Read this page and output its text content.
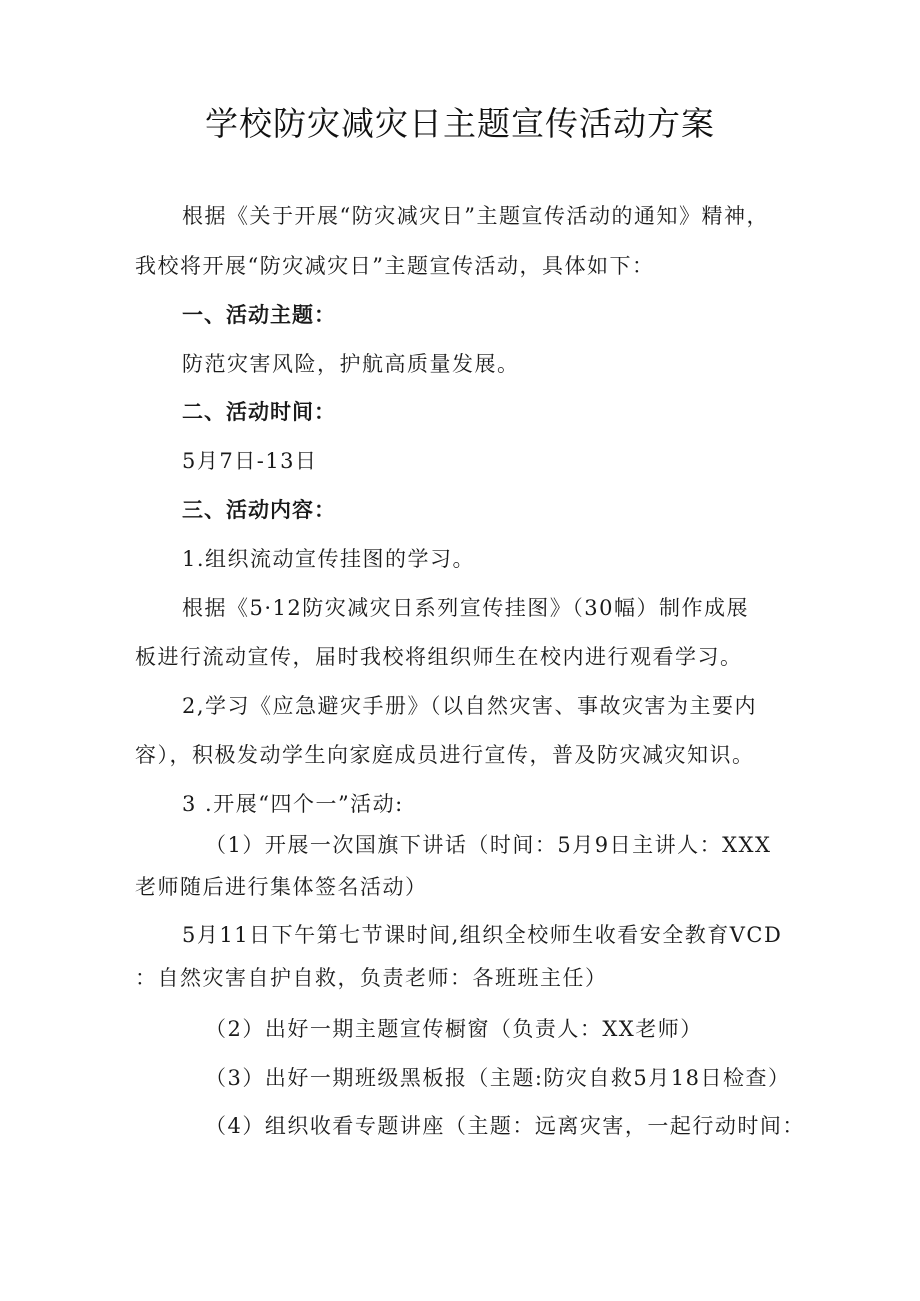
学校防灾减灾日主题宣传活动方案
根据《关于开展“防灾减灾日”主题宣传活动的通知》精神，
我校将开展“防灾减灾日”主题宣传活动，具体如下：
一、活动主题：
防范灾害风险，护航高质量发展。
二、活动时间：
5月7日-13日
三、活动内容：
1.组织流动宣传挂图的学习。
根据《5·12防灾减灾日系列宣传挂图》（30幅）制作成展
板进行流动宣传，届时我校将组织师生在校内进行观看学习。
2,学习《应急避灾手册》（以自然灾害、事故灾害为主要内
容），积极发动学生向家庭成员进行宣传，普及防灾减灾知识。
3 .开展“四个一”活动:
（1）开展一次国旗下讲话（时间：5月9日主讲人：XXX
老师随后进行集体签名活动）
5月11日下午第七节课时间,组织全校师生收看安全教育VCD
：自然灾害自护自救，负责老师：各班班主任）
（2）出好一期主题宣传橱窗（负责人：XX老师）
（3）出好一期班级黑板报（主题:防灾自救5月18日检查）
（4）组织收看专题讲座（主题：远离灾害，一起行动时间：
